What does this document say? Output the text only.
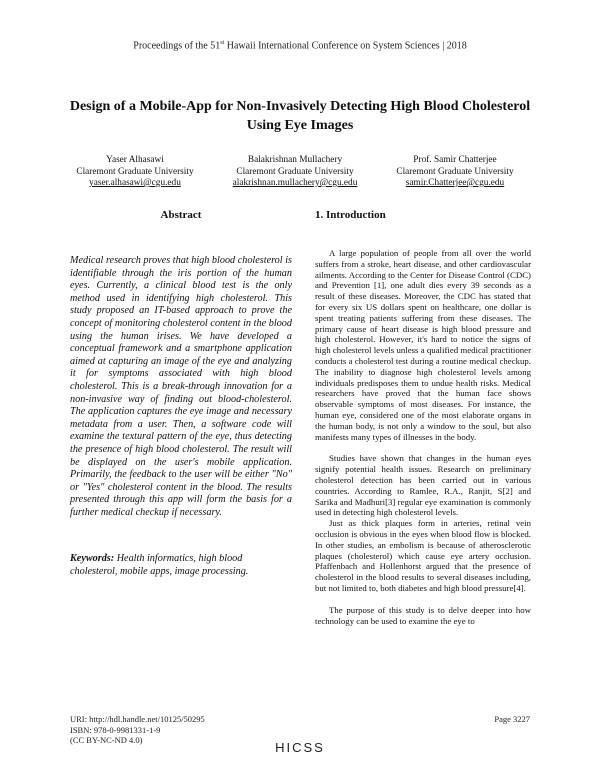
Proceedings of the 51st Hawaii International Conference on System Sciences | 2018
Design of a Mobile-App for Non-Invasively Detecting High Blood Cholesterol Using Eye Images
Yaser Alhasawi
Claremont Graduate University
yaser.alhasawi@cgu.edu
Balakrishnan Mullachery
Claremont Graduate University
alakrishnan.mullachery@cgu.edu
Prof. Samir Chatterjee
Claremont Graduate University
samir.Chatterjee@cgu.edu
Abstract

Medical research proves that high blood cholesterol is identifiable through the iris portion of the human eyes. Currently, a clinical blood test is the only method used in identifying high cholesterol. This study proposed an IT-based approach to prove the concept of monitoring cholesterol content in the blood using the human irises. We have developed a conceptual framework and a smartphone application aimed at capturing an image of the eye and analyzing it for symptoms associated with high blood cholesterol. This is a break-through innovation for a non-invasive way of finding out blood-cholesterol. The application captures the eye image and necessary metadata from a user. Then, a software code will examine the textural pattern of the eye, thus detecting the presence of high blood cholesterol. The result will be displayed on the user's mobile application. Primarily, the feedback to the user will be either "No" or "Yes" cholesterol content in the blood. The results presented through this app will form the basis for a further medical checkup if necessary.

Keywords: Health informatics, high blood cholesterol, mobile apps, image processing.
1. Introduction

A large population of people from all over the world suffers from a stroke, heart disease, and other cardiovascular ailments. According to the Center for Disease Control (CDC) and Prevention [1], one adult dies every 39 seconds as a result of these diseases. Moreover, the CDC has stated that for every six US dollars spent on healthcare, one dollar is spent treating patients suffering from these diseases. The primary cause of heart disease is high blood pressure and high cholesterol. However, it's hard to notice the signs of high cholesterol levels unless a qualified medical practitioner conducts a cholesterol test during a routine medical checkup. The inability to diagnose high cholesterol levels among individuals predisposes them to undue health risks. Medical researchers have proved that the human face shows observable symptoms of most diseases. For instance, the human eye, considered one of the most elaborate organs in the human body, is not only a window to the soul, but also manifests many types of illnesses in the body.

Studies have shown that changes in the human eyes signify potential health issues. Research on preliminary cholesterol detection has been carried out in various countries. According to Ramlee, R.A., Ranjit, S[2] and Sarika and Madhuri[3] regular eye examination is commonly used in detecting high cholesterol levels.

Just as thick plaques form in arteries, retinal vein occlusion is obvious in the eyes when blood flow is blocked. In other studies, an embolism is because of atherosclerotic plaques (cholesterol) which cause eye artery occlusion. Pfaffenbach and Hollenhorst argued that the presence of cholesterol in the blood results to several diseases including, but not limited to, both diabetes and high blood pressure[4].

The purpose of this study is to delve deeper into how technology can be used to examine the eye to

URI: http://hdl.handle.net/10125/50295
ISBN: 978-0-9981331-1-9
(CC BY-NC-ND 4.0)
Page 3227
HICSS
